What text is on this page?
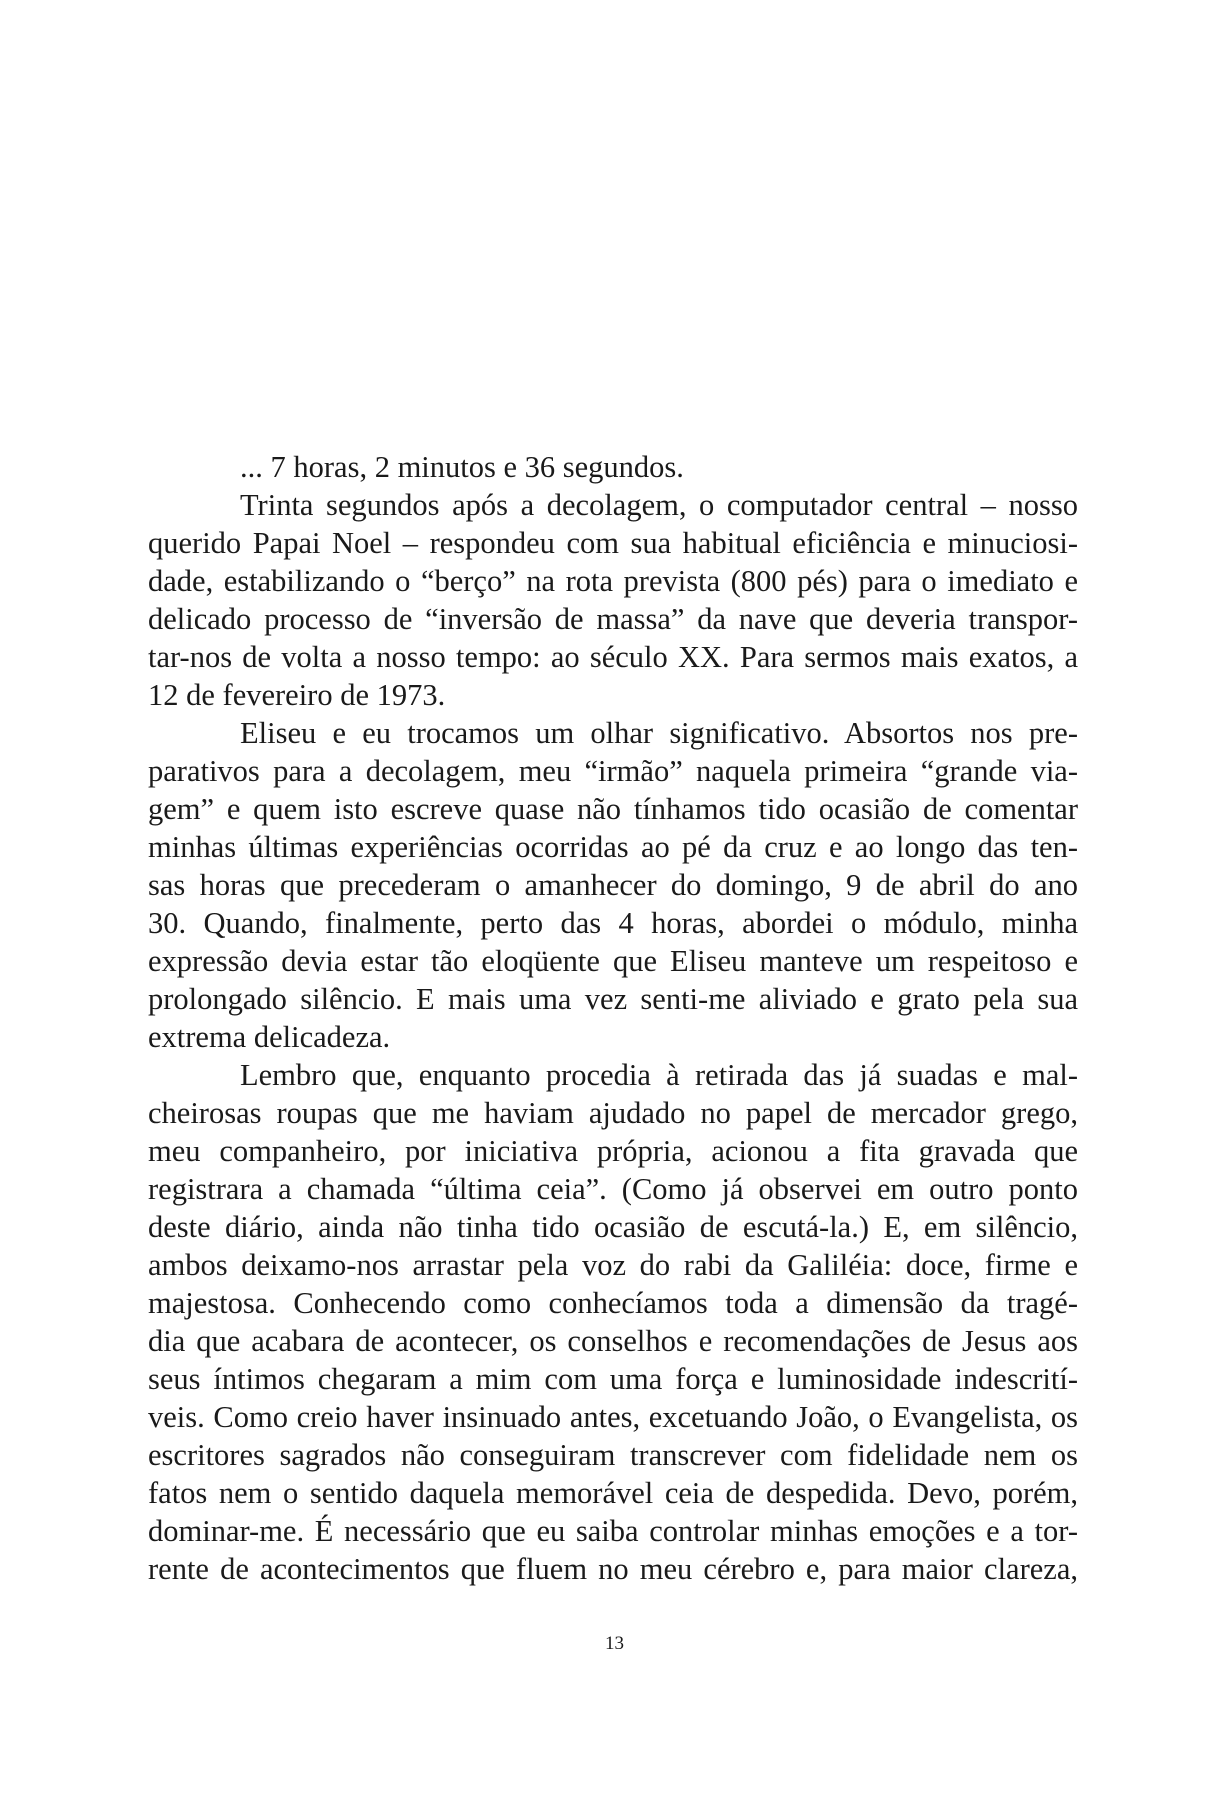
... 7 horas, 2 minutos e 36 segundos.
Trinta segundos após a decolagem, o computador central – nosso
querido Papai Noel – respondeu com sua habitual eficiência e minuciosi-
dade, estabilizando o “berço” na rota prevista (800 pés) para o imediato e
delicado processo de “inversão de massa” da nave que deveria transpor-
tar-nos de volta a nosso tempo: ao século XX. Para sermos mais exatos, a
12 de fevereiro de 1973.
Eliseu e eu trocamos um olhar significativo. Absortos nos pre-
parativos para a decolagem, meu “irmão” naquela primeira “grande via-
gem” e quem isto escreve quase não tínhamos tido ocasião de comentar
minhas últimas experiências ocorridas ao pé da cruz e ao longo das ten-
sas horas que precederam o amanhecer do domingo, 9 de abril do ano
30. Quando, finalmente, perto das 4 horas, abordei o módulo, minha
expressão devia estar tão eloqüente que Eliseu manteve um respeitoso e
prolongado silêncio. E mais uma vez senti-me aliviado e grato pela sua
extrema delicadeza.
Lembro que, enquanto procedia à retirada das já suadas e mal-
cheirosas roupas que me haviam ajudado no papel de mercador grego,
meu companheiro, por iniciativa própria, acionou a fita gravada que
registrara a chamada “última ceia”. (Como já observei em outro ponto
deste diário, ainda não tinha tido ocasião de escutá-la.) E, em silêncio,
ambos deixamo-nos arrastar pela voz do rabi da Galiléia: doce, firme e
majestosa. Conhecendo como conhecíamos toda a dimensão da tragé-
dia que acabara de acontecer, os conselhos e recomendações de Jesus aos
seus íntimos chegaram a mim com uma força e luminosidade indescrití-
veis. Como creio haver insinuado antes, excetuando João, o Evangelista, os
escritores sagrados não conseguiram transcrever com fidelidade nem os
fatos nem o sentido daquela memorável ceia de despedida. Devo, porém,
dominar-me. É necessário que eu saiba controlar minhas emoções e a tor-
rente de acontecimentos que fluem no meu cérebro e, para maior clareza,
13
